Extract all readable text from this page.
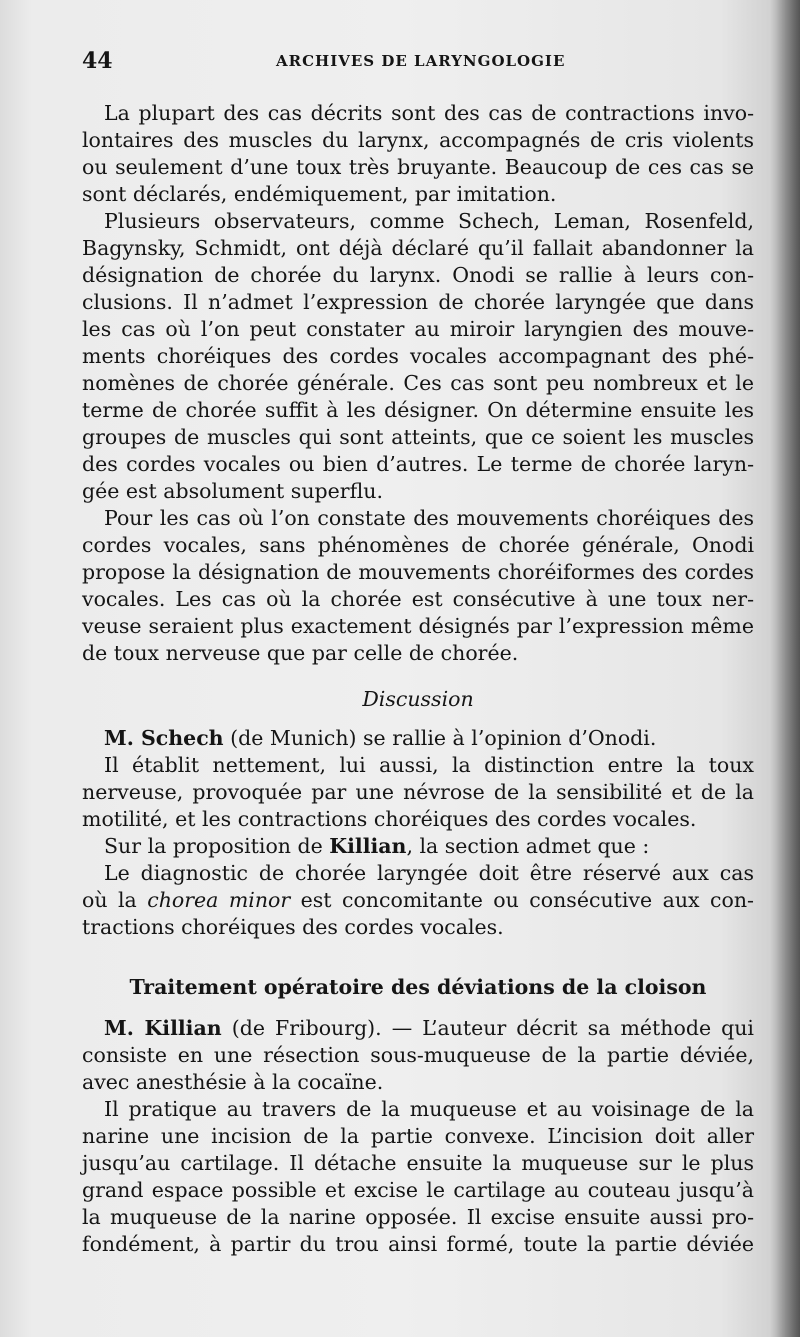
44	ARCHIVES DE LARYNGOLOGIE

La plupart des cas décrits sont des cas de contractions invo-
lontaires des muscles du larynx, accompagnés de cris violents
ou seulement d’une toux très bruyante. Beaucoup de ces cas se
sont déclarés, endémiquement, par imitation.

Plusieurs observateurs, comme Schech, Leman, Rosenfeld,
Bagynsky, Schmidt, ont déjà déclaré qu’il fallait abandonner la
désignation de chorée du larynx. Onodi se rallie à leurs con-
clusions. Il n’admet l’expression de chorée laryngée que dans
les cas où l’on peut constater au miroir laryngien des mouve-
ments choréiques des cordes vocales accompagnant des phé-
nomènes de chorée générale. Ces cas sont peu nombreux et le
terme de chorée suffit à les désigner. On détermine ensuite les
groupes de muscles qui sont atteints, que ce soient les muscles
des cordes vocales ou bien d’autres. Le terme de chorée laryn-
gée est absolument superflu.

Pour les cas où l’on constate des mouvements choréiques des
cordes vocales, sans phénomènes de chorée générale, Onodi
propose la désignation de mouvements choréiformes des cordes
vocales. Les cas où la chorée est consécutive à une toux ner-
veuse seraient plus exactement désignés par l’expression même
de toux nerveuse que par celle de chorée.

Discussion

M. Schech (de Munich) se rallie à l’opinion d’Onodi.

Il établit nettement, lui aussi, la distinction entre la toux
nerveuse, provoquée par une névrose de la sensibilité et de la
motilité, et les contractions choréiques des cordes vocales.

Sur la proposition de Killian, la section admet que :

Le diagnostic de chorée laryngée doit être réservé aux cas
où la chorea minor est concomitante ou consécutive aux con-
tractions choréiques des cordes vocales.

Traitement opératoire des déviations de la cloison

M. Killian (de Fribourg). — L’auteur décrit sa méthode qui
consiste en une résection sous-muqueuse de la partie déviée,
avec anesthésie à la cocaïne.

Il pratique au travers de la muqueuse et au voisinage de la
narine une incision de la partie convexe. L’incision doit aller
jusqu’au cartilage. Il détache ensuite la muqueuse sur le plus
grand espace possible et excise le cartilage au couteau jusqu’à
la muqueuse de la narine opposée. Il excise ensuite aussi pro-
fondément, à partir du trou ainsi formé, toute la partie déviée
